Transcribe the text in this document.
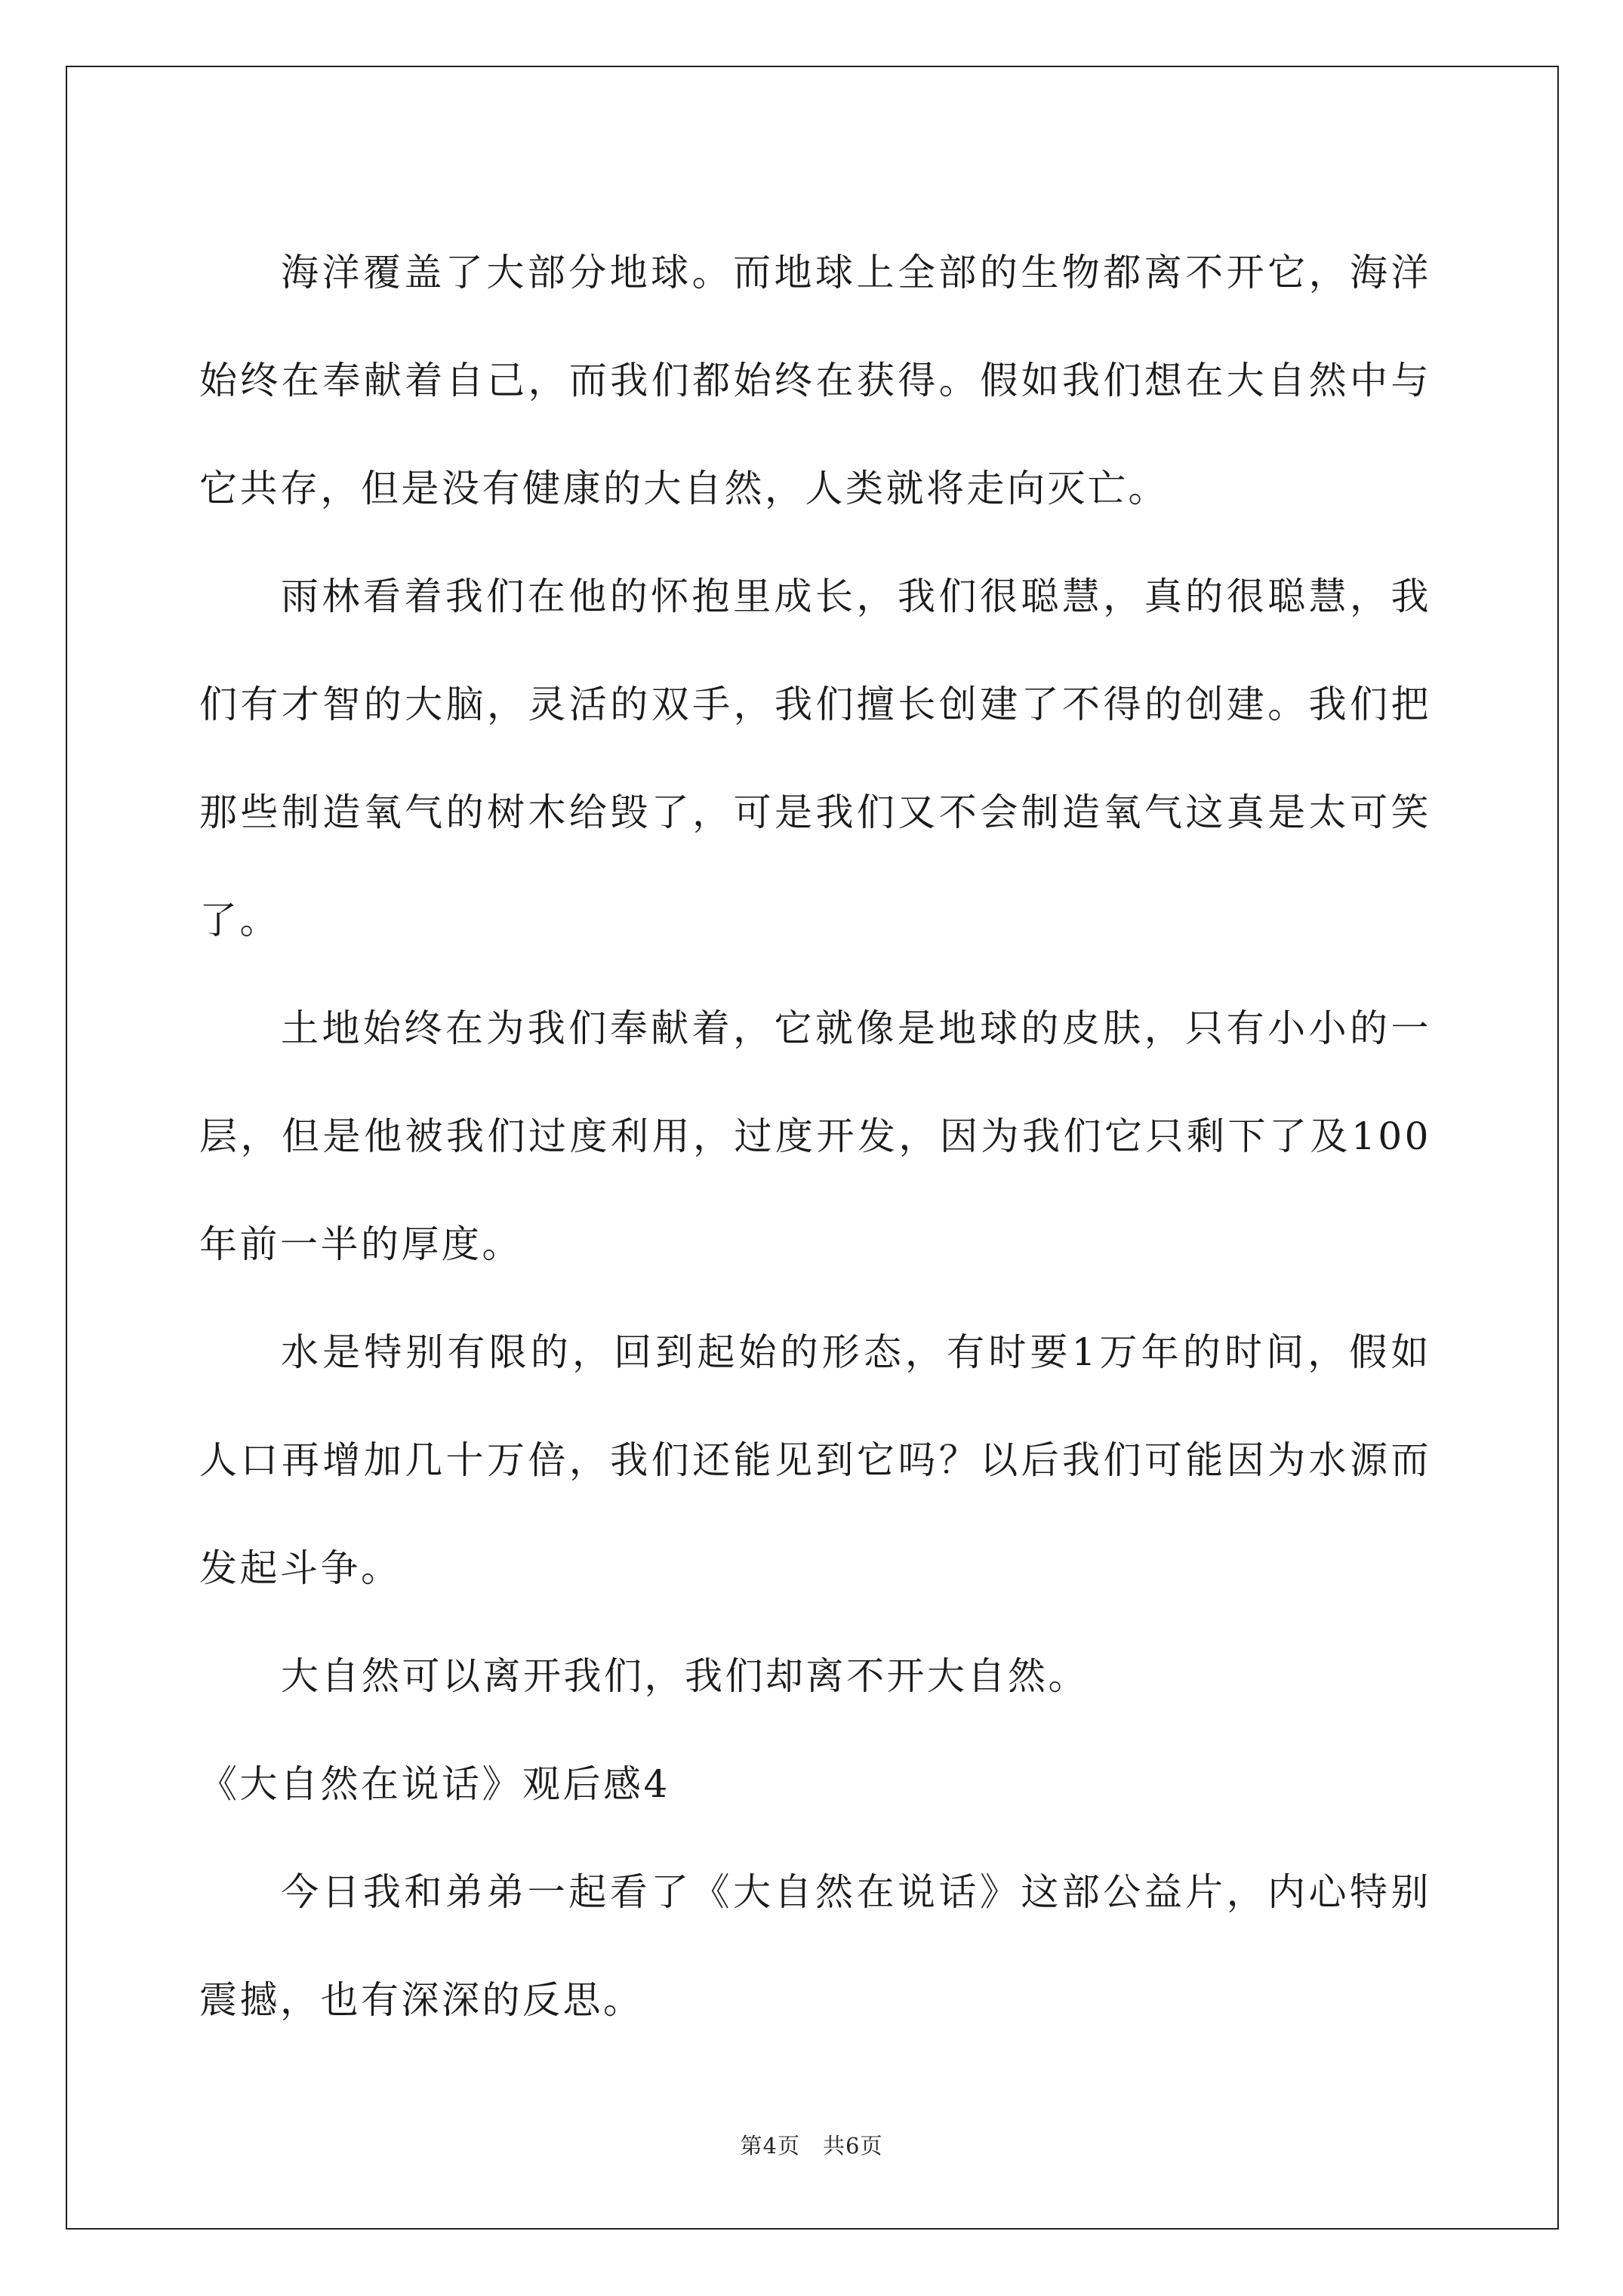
海洋覆盖了大部分地球。而地球上全部的生物都离不开它，海洋始终在奉献着自己，而我们都始终在获得。假如我们想在大自然中与它共存，但是没有健康的大自然，人类就将走向灭亡。

雨林看着我们在他的怀抱里成长，我们很聪慧，真的很聪慧，我们有才智的大脑，灵活的双手，我们擅长创建了不得的创建。我们把那些制造氧气的树木给毁了，可是我们又不会制造氧气这真是太可笑了。

土地始终在为我们奉献着，它就像是地球的皮肤，只有小小的一层，但是他被我们过度利用，过度开发，因为我们它只剩下了及100年前一半的厚度。

水是特别有限的，回到起始的形态，有时要1万年的时间，假如人口再增加几十万倍，我们还能见到它吗？以后我们可能因为水源而发起斗争。

大自然可以离开我们，我们却离不开大自然。

《大自然在说话》观后感4

今日我和弟弟一起看了《大自然在说话》这部公益片，内心特别震撼，也有深深的反思。

第4页　共6页
